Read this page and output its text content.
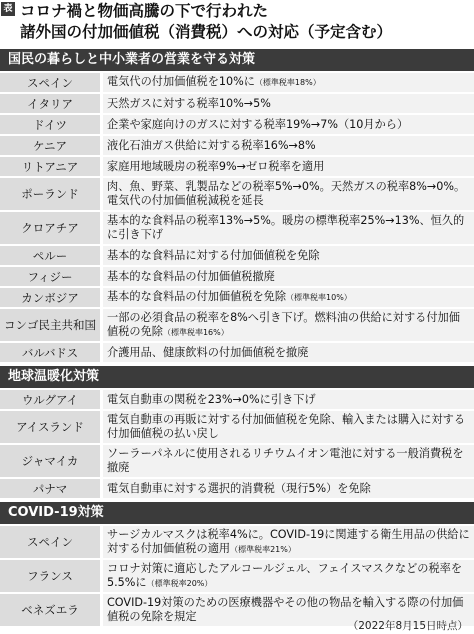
表 コロナ禍と物価高騰の下で行われた
諸外国の付加価値税（消費税）への対応（予定含む）
国民の暮らしと中小業者の営業を守る対策
スペイン		電気代の付加価値税を10%に（標準税率18%）
イタリア		天然ガスに対する税率10%→5%
ドイツ		企業や家庭向けのガスに対する税率19%→7%（10月から）
ケニア		液化石油ガス供給に対する税率16%→8%
リトアニア		家庭用地域暖房の税率9%→ゼロ税率を適用
ポーランド		肉、魚、野菜、乳製品などの税率5%→0%。天然ガスの税率8%→0%。電気代の付加価値税減税を延長
クロアチア		基本的な食料品の税率13%→5%。暖房の標準税率25%→13%、恒久的に引き下げ
ペルー		基本的な食料品に対する付加価値税を免除
フィジー		基本的な食料品の付加価値税撤廃
カンボジア		基本的な食料品の付加価値税を免除（標準税率10%）
コンゴ民主共和国		一部の必須食品の税率を8%へ引き下げ。燃料油の供給に対する付加価値税の免除（標準税率16%）
バルバドス		介護用品、健康飲料の付加価値税を撤廃
地球温暖化対策
ウルグアイ		電気自動車の関税を23%→0%に引き下げ
アイスランド		電気自動車の再販に対する付加価値税を免除、輸入または購入に対する付加価値税の払い戻し
ジャマイカ		ソーラーパネルに使用されるリチウムイオン電池に対する一般消費税を撤廃
パナマ		電気自動車に対する選択的消費税（現行5%）を免除
COVID-19対策
スペイン		サージカルマスクは税率4%に。COVID-19に関連する衛生用品の供給に対する付加価値税の適用（標準税率21%）
フランス		コロナ対策に適応したアルコールジェル、フェイスマスクなどの税率を5.5%に（標準税率20%）
ベネズエラ		COVID-19対策のための医療機器やその他の物品を輸入する際の付加価値税の免除を規定
（2022年8月15日時点）
